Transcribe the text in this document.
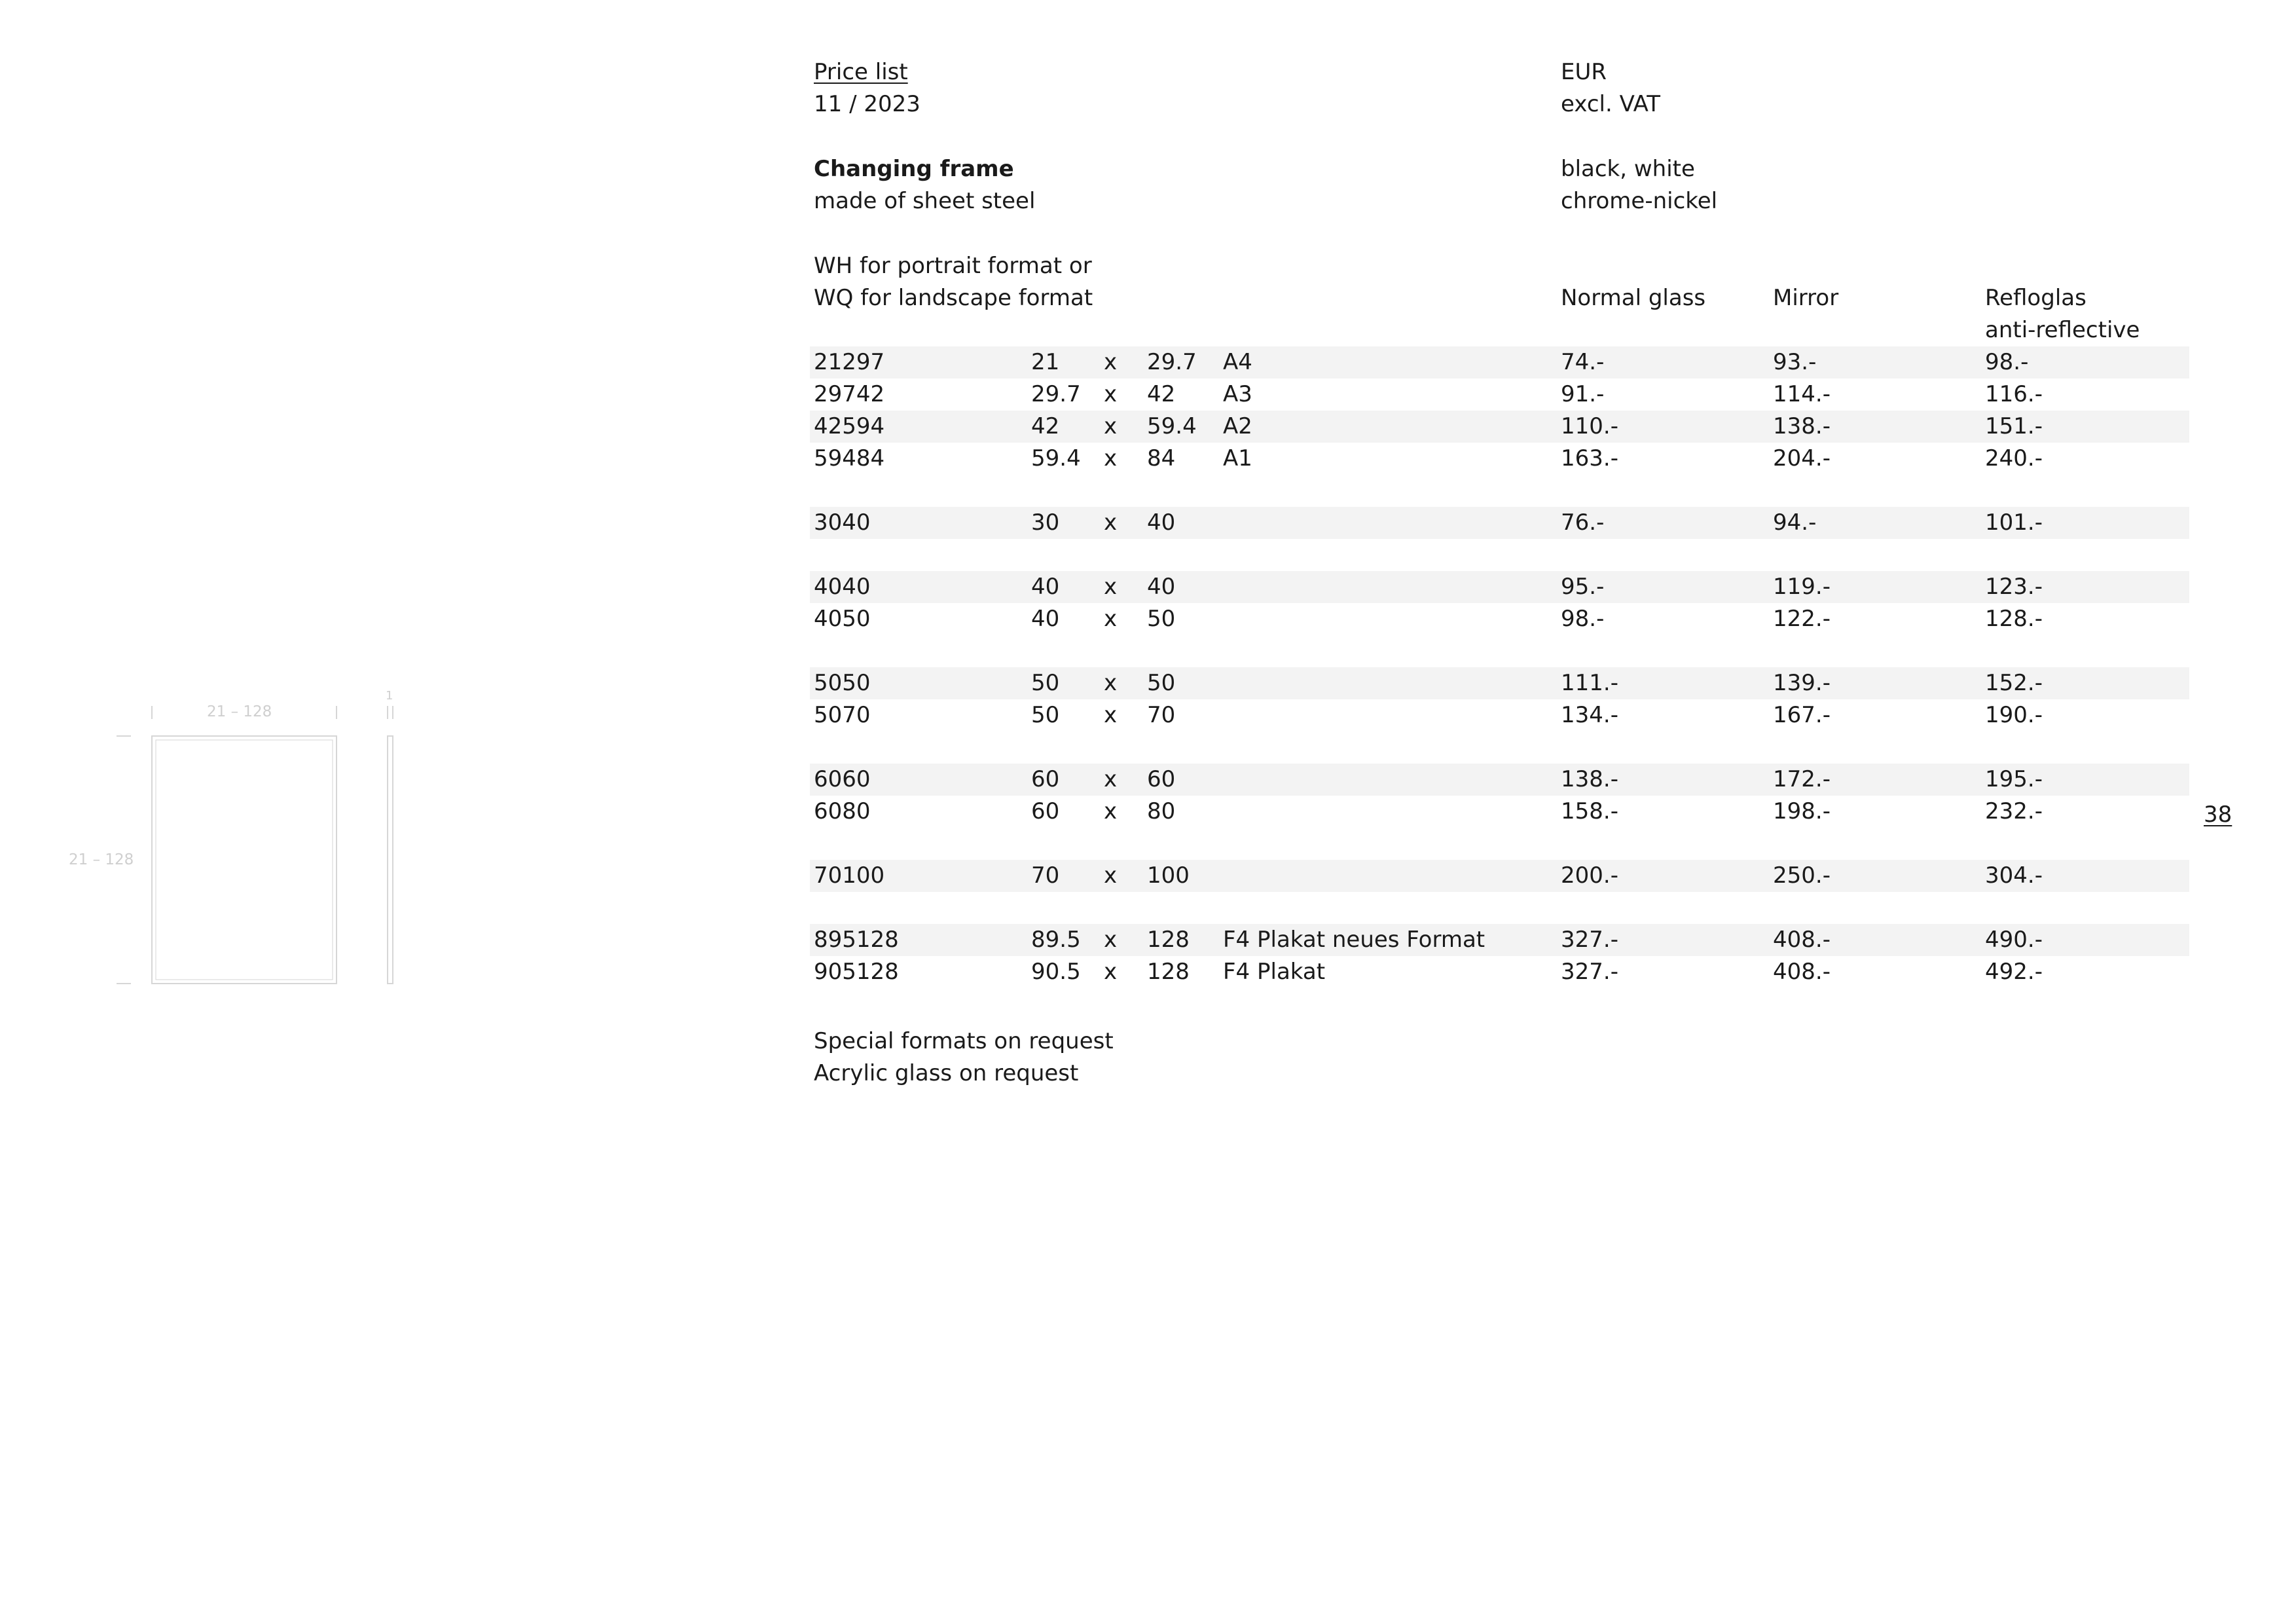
Price list
11 / 2023
EUR
excl. VAT
Changing frame
made of sheet steel
black, white
chrome-nickel
WH for portrait format or
WQ for landscape format	Normal glass	Mirror	Refloglas
anti-reflective
21297	21 x 29.7 A4	74.-	93.-	98.-
29742	29.7 x 42 A3	91.-	114.-	116.-
42594	42 x 59.4 A2	110.-	138.-	151.-
59484	59.4 x 84 A1	163.-	204.-	240.-
3040	30 x 40	76.-	94.-	101.-
4040	40 x 40	95.-	119.-	123.-
4050	40 x 50	98.-	122.-	128.-
5050	50 x 50	111.-	139.-	152.-
5070	50 x 70	134.-	167.-	190.-
6060	60 x 60	138.-	172.-	195.-
6080	60 x 80	158.-	198.-	232.-
70100	70 x 100	200.-	250.-	304.-
895128	89.5 x 128 F4 Plakat neues Format	327.-	408.-	490.-
905128	90.5 x 128 F4 Plakat	327.-	408.-	492.-
Special formats on request
Acrylic glass on request
38
21 – 128
21 – 128
1
